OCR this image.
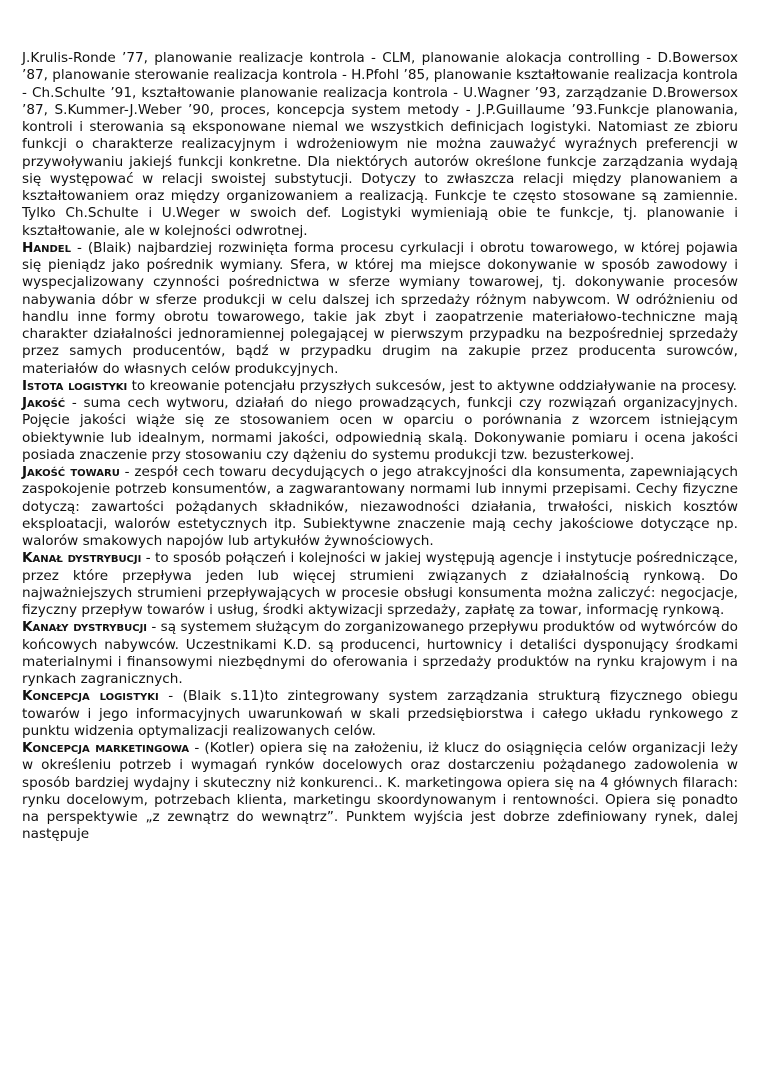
J.Krulis-Ronde ’77, planowanie realizacje kontrola - CLM, planowanie alokacja controlling - D.Bowersox ’87, planowanie sterowanie realizacja kontrola - H.Pfohl ’85, planowanie kształtowanie realizacja kontrola - Ch.Schulte ’91, kształtowanie planowanie realizacja kontrola - U.Wagner ’93, zarządzanie D.Browersox ’87, S.Kummer-J.Weber ’90, proces, koncepcja system metody - J.P.Guillaume ’93.Funkcje planowania, kontroli i sterowania są eksponowane niemal we wszystkich definicjach logistyki. Natomiast ze zbioru funkcji o charakterze realizacyjnym i wdrożeniowym nie można zauważyć wyraźnych preferencji w przywoływaniu jakiejś funkcji konkretne. Dla niektórych autorów określone funkcje zarządzania wydają się występować w relacji swoistej substytucji. Dotyczy to zwłaszcza relacji między planowaniem a kształtowaniem oraz między organizowaniem a realizacją. Funkcje te często stosowane są zamiennie. Tylko Ch.Schulte i U.Weger w swoich def. Logistyki wymieniają obie te funkcje, tj. planowanie i kształtowanie, ale w kolejności odwrotnej.

Handel - (Blaik) najbardziej rozwinięta forma procesu cyrkulacji i obrotu towarowego, w której pojawia się pieniądz jako pośrednik wymiany. Sfera, w której ma miejsce dokonywanie w sposób zawodowy i wyspecjalizowany czynności pośrednictwa w sferze wymiany towarowej, tj. dokonywanie procesów nabywania dóbr w sferze produkcji w celu dalszej ich sprzedaży różnym nabywcom. W odróżnieniu od handlu inne formy obrotu towarowego, takie jak zbyt i zaopatrzenie materiałowo-techniczne mają charakter działalności jednoramiennej polegającej w pierwszym przypadku na bezpośredniej sprzedaży przez samych producentów, bądź w przypadku drugim na zakupie przez producenta surowców, materiałów do własnych celów produkcyjnych.

Istota logistyki to kreowanie potencjału przyszłych sukcesów, jest to aktywne oddziaływanie na procesy.

Jakość - suma cech wytworu, działań do niego prowadzących, funkcji czy rozwiązań organizacyjnych. Pojęcie jakości wiąże się ze stosowaniem ocen w oparciu o porównania z wzorcem istniejącym obiektywnie lub idealnym, normami jakości, odpowiednią skalą. Dokonywanie pomiaru i ocena jakości posiada znaczenie przy stosowaniu czy dążeniu do systemu produkcji tzw. bezusterkowej.

Jakość towaru - zespół cech towaru decydujących o jego atrakcyjności dla konsumenta, zapewniających zaspokojenie potrzeb konsumentów, a zagwarantowany normami lub innymi przepisami. Cechy fizyczne dotyczą: zawartości pożądanych składników, niezawodności działania, trwałości, niskich kosztów eksploatacji, walorów estetycznych itp. Subiektywne znaczenie mają cechy jakościowe dotyczące np. walorów smakowych napojów lub artykułów żywnościowych.

Kanał dystrybucji - to sposób połączeń i kolejności w jakiej występują agencje i instytucje pośredniczące, przez które przepływa jeden lub więcej strumieni związanych z działalnością rynkową. Do najważniejszych strumieni przepływających w procesie obsługi konsumenta można zaliczyć: negocjacje, fizyczny przepływ towarów i usług, środki aktywizacji sprzedaży, zapłatę za towar, informację rynkową.

Kanały dystrybucji - są systemem służącym do zorganizowanego przepływu produktów od wytwórców do końcowych nabywców. Uczestnikami K.D. są producenci, hurtownicy i detaliści dysponujący środkami materialnymi i finansowymi niezbędnymi do oferowania i sprzedaży produktów na rynku krajowym i na rynkach zagranicznych.

Koncepcja logistyki - (Blaik s.11)to zintegrowany system zarządzania strukturą fizycznego obiegu towarów i jego informacyjnych uwarunkowań w skali przedsiębiorstwa i całego układu rynkowego z punktu widzenia optymalizacji realizowanych celów.

Koncepcja marketingowa - (Kotler) opiera się na założeniu, iż klucz do osiągnięcia celów organizacji leży w określeniu potrzeb i wymagań rynków docelowych oraz dostarczeniu pożądanego zadowolenia w sposób bardziej wydajny i skuteczny niż konkurenci.. K. marketingowa opiera się na 4 głównych filarach: rynku docelowym, potrzebach klienta, marketingu skoordynowanym i rentowności. Opiera się ponadto na perspektywie „z zewnątrz do wewnątrz”. Punktem wyjścia jest dobrze zdefiniowany rynek, dalej następuje
